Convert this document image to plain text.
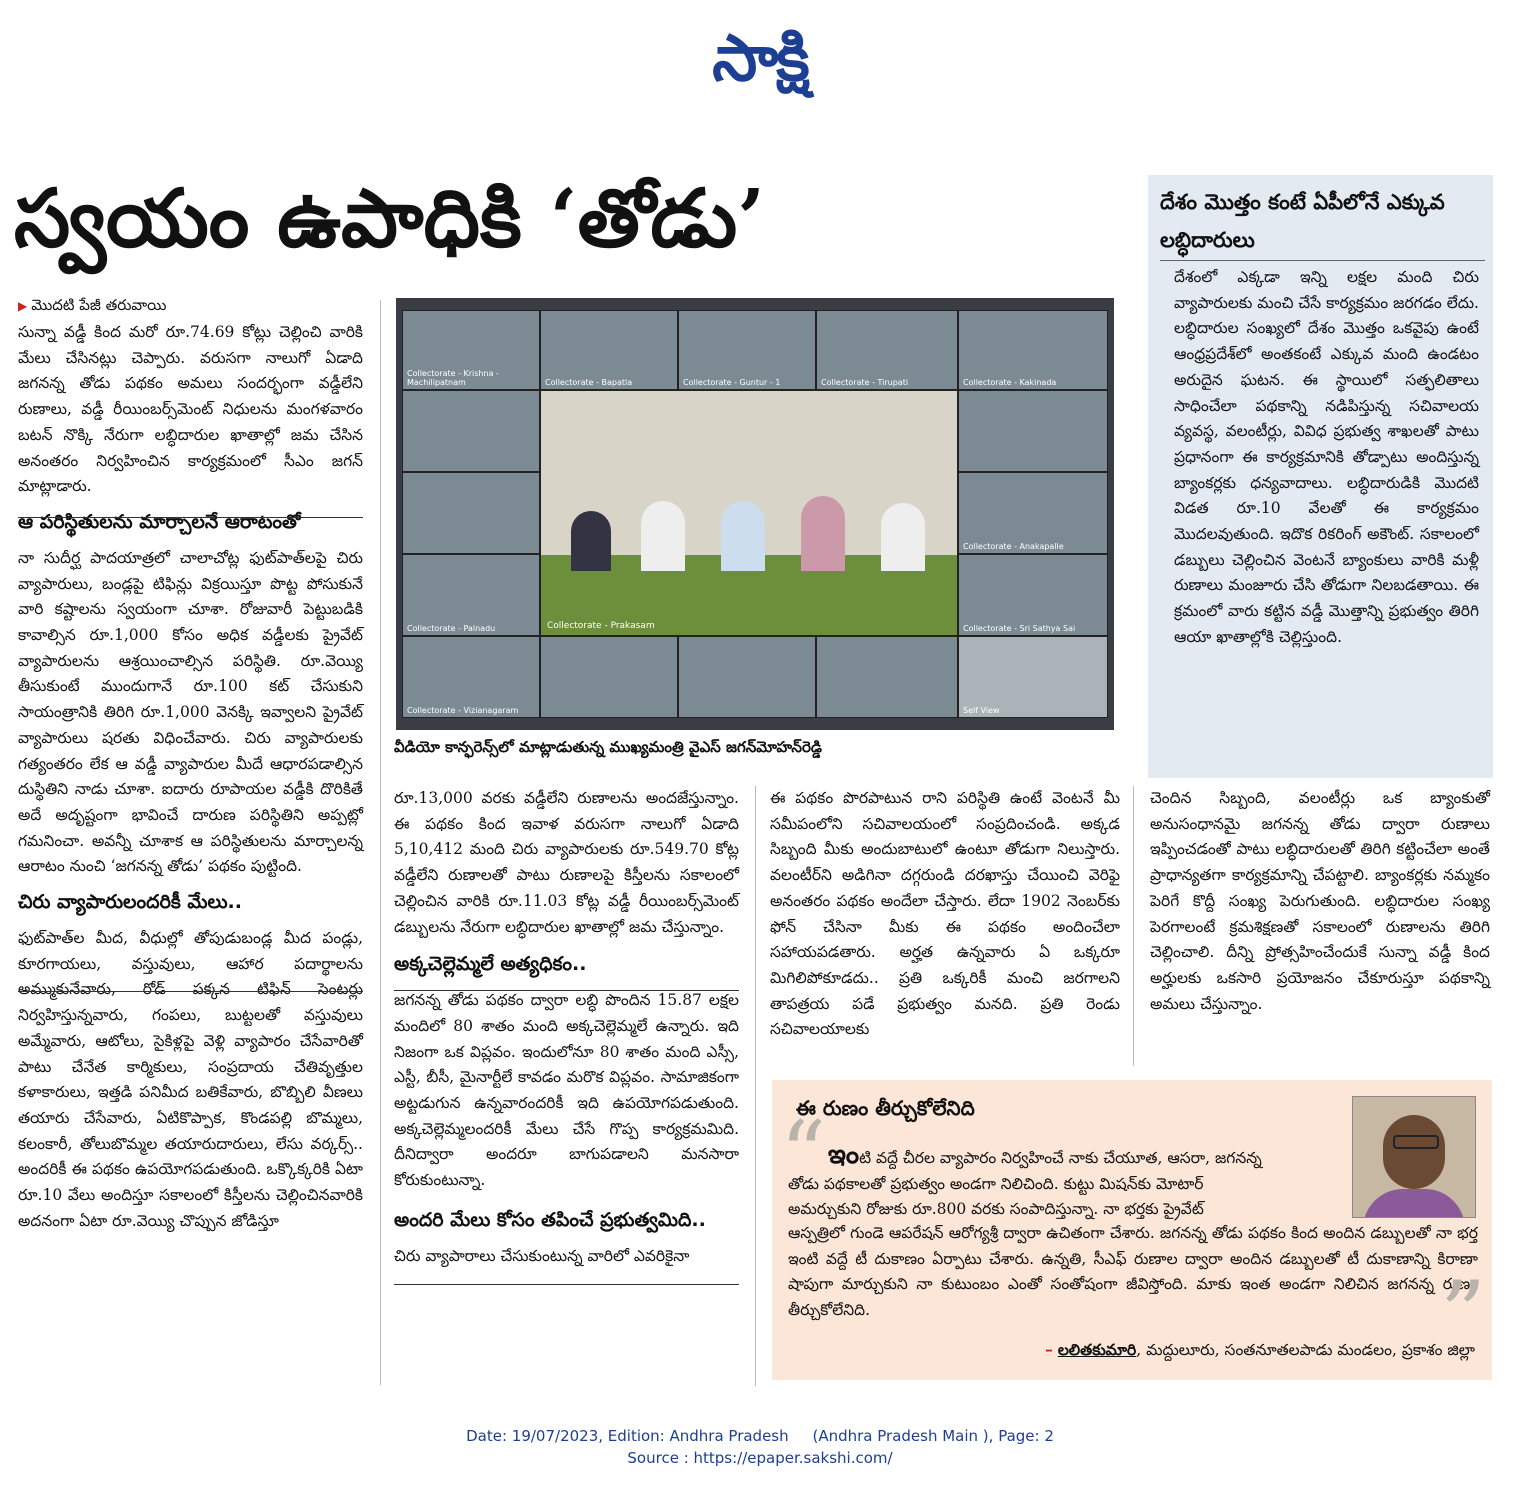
సాక్షి
స్వయం ఉపాధికి ‘తోడు’
▶ మొదటి పేజీ తరువాయి

సున్నా వడ్డీ కింద మరో రూ.74.69 కోట్లు చెల్లించి వారికి మేలు చేసినట్లు చెప్పారు. వరుసగా నాలుగో ఏడాది జగనన్న తోడు పథకం అమలు సందర్భంగా వడ్డీలేని రుణాలు, వడ్డీ రీయింబర్స్‌మెంట్‌ నిధులను మంగళవారం బటన్‌ నొక్కి నేరుగా లబ్ధిదారుల ఖాతాల్లో జమ చేసిన అనంతరం నిర్వహించిన కార్యక్రమంలో సీఎం జగన్‌ మాట్లాడారు.

ఆ పరిస్థితులను మార్చాలనే ఆరాటంతో

నా సుదీర్ఘ పాదయాత్రలో చాలాచోట్ల ఫుట్‌పాత్‌లపై చిరు వ్యాపారులు, బండ్లపై టిఫిన్లు విక్రయిస్తూ పొట్ట పోసుకునే వారి కష్టాలను స్వయంగా చూశా. రోజువారీ పెట్టుబడికి కావాల్సిన రూ.1,000 కోసం అధిక వడ్డీలకు ప్రైవేట్‌ వ్యాపారులను ఆశ్రయించాల్సిన పరిస్థితి. రూ.వెయ్యి తీసుకుంటే ముందుగానే రూ.100 కట్‌ చేసుకుని సాయంత్రానికి తిరిగి రూ.1,000 వెనక్కి ఇవ్వాలని ప్రైవేట్‌ వ్యాపారులు షరతు విధించేవారు. చిరు వ్యాపారులకు గత్యంతరం లేక ఆ వడ్డీ వ్యాపారుల మీదే ఆధారపడాల్సిన దుస్థితిని నాడు చూశా. ఐదారు రూపాయల వడ్డీకి దొరికితే అదే అదృష్టంగా భావించే దారుణ పరిస్థితిని అప్పట్లో గమనించా. అవన్నీ చూశాక ఆ పరిస్థితులను మార్చాలన్న ఆరాటం నుంచి ‘జగనన్న తోడు’ పథకం పుట్టింది.

చిరు వ్యాపారులందరికీ మేలు..

ఫుట్‌పాత్‌ల మీద, వీధుల్లో తోపుడుబండ్ల మీద పండ్లు, కూరగాయలు, వస్తువులు, ఆహార పదార్థాలను అమ్ముకునేవారు, రోడ్‌ పక్కన టిఫిన్‌ సెంటర్లు నిర్వహిస్తున్నవారు, గంపలు, బుట్టలతో వస్తువులు అమ్మేవారు, ఆటోలు, సైకిళ్లపై వెళ్లి వ్యాపారం చేసేవారితో పాటు చేనేత కార్మికులు, సంప్రదాయ చేతివృత్తుల కళాకారులు, ఇత్తడి పనిమీద బతికేవారు, బొబ్బిలి వీణలు తయారు చేసేవారు, ఏటికొప్పాక, కొండపల్లి బొమ్మలు, కలంకారీ, తోలుబొమ్మల తయారుదారులు, లేసు వర్కర్స్‌.. అందరికీ ఈ పథకం ఉపయోగపడుతుంది. ఒక్కొక్కరికి ఏటా రూ.10 వేలు అందిస్తూ సకాలంలో కిస్తీలను చెల్లించినవారికి అదనంగా ఏటా రూ.వెయ్యి చొప్పున జోడిస్తూ

Collectorate - Krishna - Machilipatnam	Collectorate - Bapatla	Collectorate - Guntur - 1	Collectorate - Tirupati	Collectorate - Kakinada
Collectorate - Palnadu
Collectorate - Vizianagaram
Collectorate - Prakasam
Collectorate - Anakapalle
Collectorate - Sri Sathya Sai
Self View
వీడియో కాన్ఫరెన్స్‌లో మాట్లాడుతున్న ముఖ్యమంత్రి వైఎస్‌ జగన్‌మోహన్‌రెడ్డి

రూ.13,000 వరకు వడ్డీలేని రుణాలను అందజేస్తున్నాం. ఈ పథకం కింద ఇవాళ వరుసగా నాలుగో ఏడాది 5,10,412 మంది చిరు వ్యాపారులకు రూ.549.70 కోట్ల వడ్డీలేని రుణాలతో పాటు రుణాలపై కిస్తీలను సకాలంలో చెల్లించిన వారికి రూ.11.03 కోట్ల వడ్డీ రీయింబర్స్‌మెంట్‌ డబ్బులను నేరుగా లబ్ధిదారుల ఖాతాల్లో జమ చేస్తున్నాం.

అక్కచెల్లెమ్మలే అత్యధికం..

జగనన్న తోడు పథకం ద్వారా లబ్ధి పొందిన 15.87 లక్షల మందిలో 80 శాతం మంది అక్కచెల్లెమ్మలే ఉన్నారు. ఇది నిజంగా ఒక విప్లవం. ఇందులోనూ 80 శాతం మంది ఎస్సీ, ఎస్టీ, బీసీ, మైనార్టీలే కావడం మరొక విప్లవం. సామాజికంగా అట్టడుగున ఉన్నవారందరికీ ఇది ఉపయోగపడుతుంది. అక్కచెల్లెమ్మలందరికీ మేలు చేసే గొప్ప కార్యక్రమమిది. దీనిద్వారా అందరూ బాగుపడాలని మనసారా కోరుకుంటున్నా.

అందరి మేలు కోసం తపించే ప్రభుత్వమిది..

చిరు వ్యాపారాలు చేసుకుంటున్న వారిలో ఎవరికైనా

ఈ పథకం పొరపాటున రాని పరిస్థితి ఉంటే వెంటనే మీ సమీపంలోని సచివాలయంలో సంప్రదించండి. అక్కడ సిబ్బంది మీకు అందుబాటులో ఉంటూ తోడుగా నిలుస్తారు. వలంటీర్‌ని అడిగినా దగ్గరుండి దరఖాస్తు చేయించి వెరిఫై అనంతరం పథకం అందేలా చేస్తారు. లేదా 1902 నెంబర్‌కు ఫోన్‌ చేసినా మీకు ఈ పథకం అందించేలా సహాయపడతారు. అర్హత ఉన్నవారు ఏ ఒక్కరూ మిగిలిపోకూడదు.. ప్రతి ఒక్కరికీ మంచి జరగాలని తాపత్రయ పడే ప్రభుత్వం మనది. ప్రతి రెండు సచివాలయాలకు

దేశం మొత్తం కంటే ఏపీలోనే ఎక్కువ లబ్ధిదారులు

దేశంలో ఎక్కడా ఇన్ని లక్షల మంది చిరు వ్యాపారులకు మంచి చేసే కార్యక్రమం జరగడం లేదు. లబ్ధిదారుల సంఖ్యలో దేశం మొత్తం ఒకవైపు ఉంటే ఆంధ్రప్రదేశ్‌లో అంతకంటే ఎక్కువ మంది ఉండటం అరుదైన ఘటన. ఈ స్థాయిలో సత్ఫలితాలు సాధించేలా పథకాన్ని నడిపిస్తున్న సచివాలయ వ్యవస్థ, వలంటీర్లు, వివిధ ప్రభుత్వ శాఖలతో పాటు ప్రధానంగా ఈ కార్యక్రమానికి తోడ్పాటు అందిస్తున్న బ్యాంకర్లకు ధన్యవాదాలు. లబ్ధిదారుడికి మొదటి విడత రూ.10 వేలతో ఈ కార్యక్రమం మొదలవుతుంది. ఇదొక రికరింగ్‌ అకౌంట్‌. సకాలంలో డబ్బులు చెల్లించిన వెంటనే బ్యాంకులు వారికి మళ్లీ రుణాలు మంజూరు చేసి తోడుగా నిలబడతాయి. ఈ క్రమంలో వారు కట్టిన వడ్డీ మొత్తాన్ని ప్రభుత్వం తిరిగి ఆయా ఖాతాల్లోకి చెల్లిస్తుంది.

చెందిన సిబ్బంది, వలంటీర్లు ఒక బ్యాంకుతో అనుసంధానమై జగనన్న తోడు ద్వారా రుణాలు ఇప్పించడంతో పాటు లబ్ధిదారులతో తిరిగి కట్టించేలా అంతే ప్రాధాన్యతగా కార్యక్రమాన్ని చేపట్టాలి. బ్యాంకర్లకు నమ్మకం పెరిగే కొద్దీ సంఖ్య పెరుగుతుంది. లబ్ధిదారుల సంఖ్య పెరగాలంటే క్రమశిక్షణతో సకాలంలో రుణాలను తిరిగి చెల్లించాలి. దీన్ని ప్రోత్సహించేందుకే సున్నా వడ్డీ కింద అర్హులకు ఒకసారి ప్రయోజనం చేకూరుస్తూ పథకాన్ని అమలు చేస్తున్నాం.

ఈ రుణం తీర్చుకోలేనిది
“ ఇంటి వద్దే చీరల వ్యాపారం నిర్వహించే నాకు చేయూత, ఆసరా, జగనన్న
తోడు పథకాలతో ప్రభుత్వం అండగా నిలిచింది. కుట్టు మిషన్‌కు మోటార్‌
అమర్చుకుని రోజుకు రూ.800 వరకు సంపాదిస్తున్నా. నా భర్తకు ప్రైవేట్‌

ఆస్పత్రిలో గుండె ఆపరేషన్‌ ఆరోగ్యశ్రీ ద్వారా ఉచితంగా చేశారు. జగనన్న తోడు పథకం కింద అందిన డబ్బులతో నా భర్త ఇంటి వద్దే టీ దుకాణం ఏర్పాటు చేశారు. ఉన్నతి, సీఎఫ్‌ రుణాల ద్వారా అందిన డబ్బులతో టీ దుకాణాన్ని కిరాణా షాపుగా మార్చుకుని నా కుటుంబం ఎంతో సంతోషంగా జీవిస్తోంది. మాకు ఇంత అండగా నిలిచిన జగనన్న రుణం తీర్చుకోలేనిది.	”
– లలితకుమారి, మద్దులూరు, సంతనూతలపాడు మండలం, ప్రకాశం జిల్లా
Date: 19/07/2023, Edition: Andhra Pradesh     (Andhra Pradesh Main ), Page: 2
Source : https://epaper.sakshi.com/
